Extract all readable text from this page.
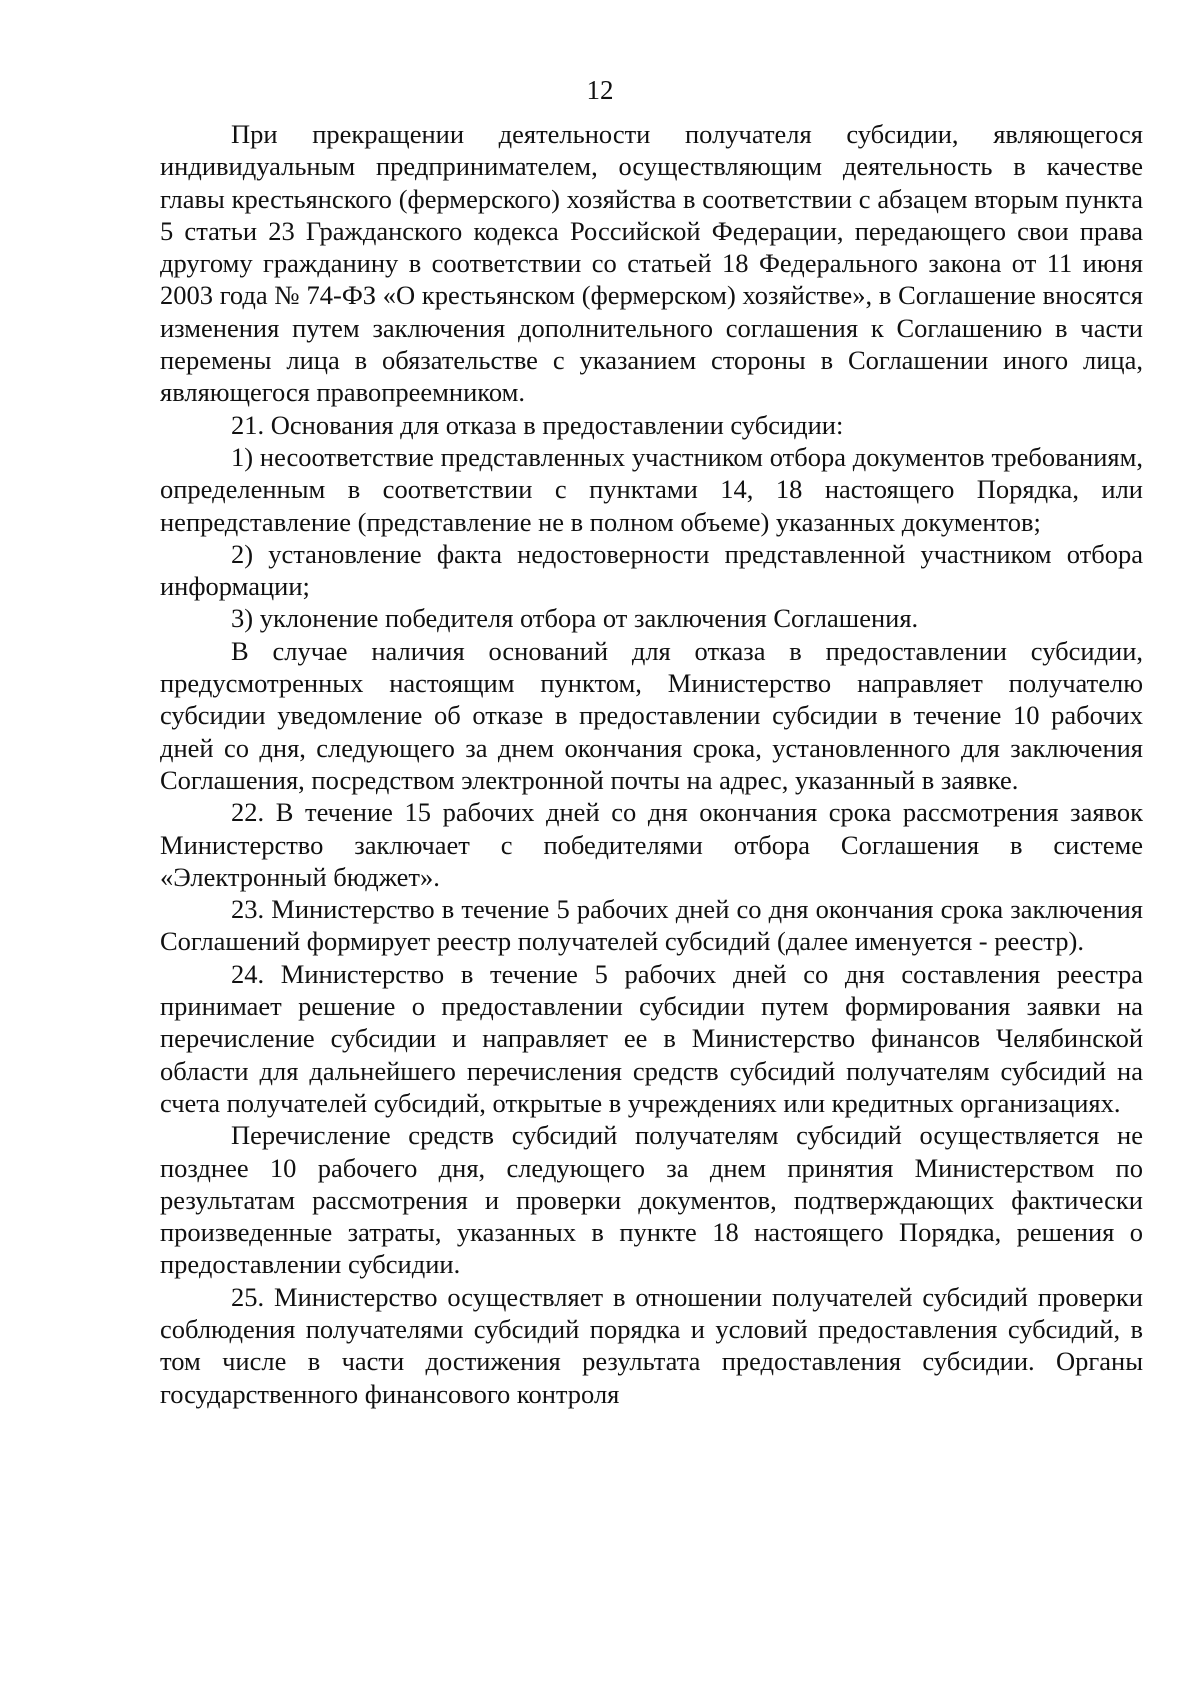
12

При прекращении деятельности получателя субсидии, являющегося индивидуальным предпринимателем, осуществляющим деятельность в качестве главы крестьянского (фермерского) хозяйства в соответствии с абзацем вторым пункта 5 статьи 23 Гражданского кодекса Российской Федерации, передающего свои права другому гражданину в соответствии со статьей 18 Федерального закона от 11 июня 2003 года № 74-ФЗ «О крестьянском (фермерском) хозяйстве», в Соглашение вносятся изменения путем заключения дополнительного соглашения к Соглашению в части перемены лица в обязательстве с указанием стороны в Соглашении иного лица, являющегося правопреемником.

21. Основания для отказа в предоставлении субсидии:

1) несоответствие представленных участником отбора документов требованиям, определенным в соответствии с пунктами 14, 18 настоящего Порядка, или непредставление (представление не в полном объеме) указанных документов;

2) установление факта недостоверности представленной участником отбора информации;

3) уклонение победителя отбора от заключения Соглашения.

В случае наличия оснований для отказа в предоставлении субсидии, предусмотренных настоящим пунктом, Министерство направляет получателю субсидии уведомление об отказе в предоставлении субсидии в течение 10 рабочих дней со дня, следующего за днем окончания срока, установленного для заключения Соглашения, посредством электронной почты на адрес, указанный в заявке.

22. В течение 15 рабочих дней со дня окончания срока рассмотрения заявок Министерство заключает с победителями отбора Соглашения в системе «Электронный бюджет».

23. Министерство в течение 5 рабочих дней со дня окончания срока заключения Соглашений формирует реестр получателей субсидий (далее именуется - реестр).

24. Министерство в течение 5 рабочих дней со дня составления реестра принимает решение о предоставлении субсидии путем формирования заявки на перечисление субсидии и направляет ее в Министерство финансов Челябинской области для дальнейшего перечисления средств субсидий получателям субсидий на счета получателей субсидий, открытые в учреждениях или кредитных организациях.

Перечисление средств субсидий получателям субсидий осуществляется не позднее 10 рабочего дня, следующего за днем принятия Министерством по результатам рассмотрения и проверки документов, подтверждающих фактически произведенные затраты, указанных в пункте 18 настоящего Порядка, решения о предоставлении субсидии.

25. Министерство осуществляет в отношении получателей субсидий проверки соблюдения получателями субсидий порядка и условий предоставления субсидий, в том числе в части достижения результата предоставления субсидии. Органы государственного финансового контроля
